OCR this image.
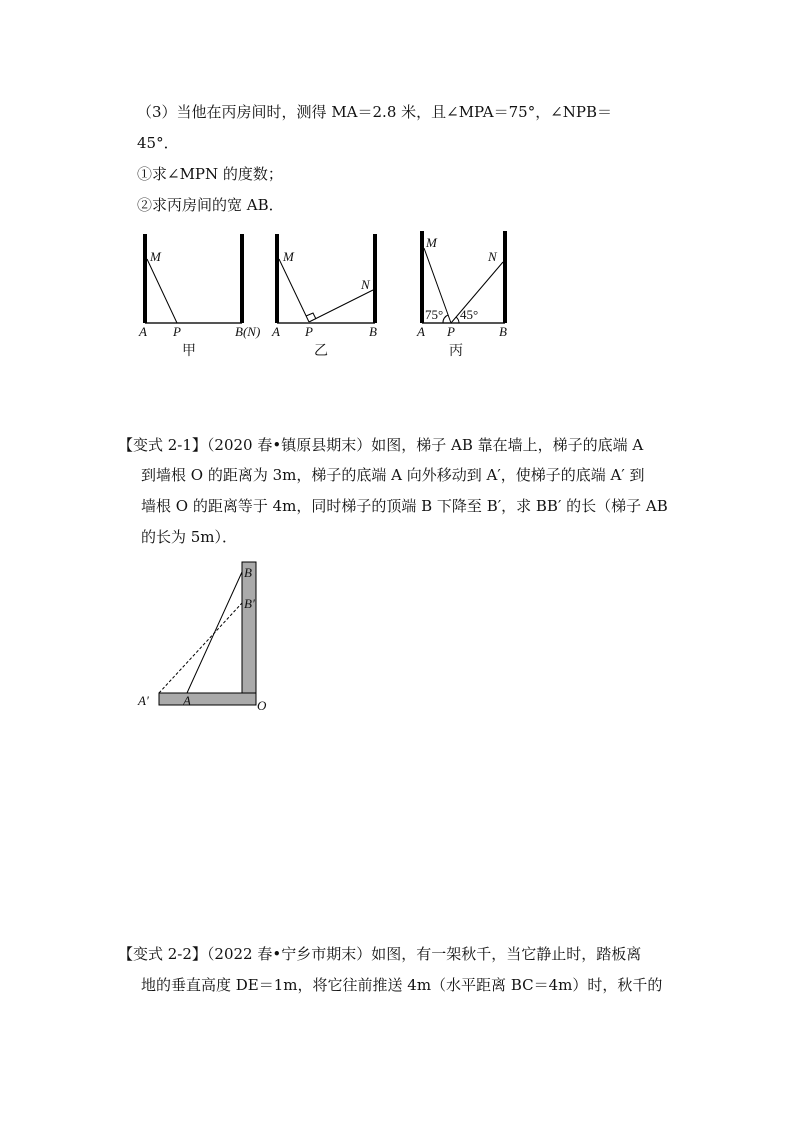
（3）当他在丙房间时，测得 MA＝2.8 米，且∠MPA＝75°，∠NPB＝
45°．
①求∠MPN 的度数；
②求丙房间的宽 AB．
M
A P	B(N)
甲
M
N
A P	B
乙
M
N
75° 45°
A P	B
丙
B
B′
A′	A	O
【变式 2-1】（2020 春•镇原县期末）如图，梯子 AB 靠在墙上，梯子的底端 A
到墙根 O 的距离为 3m，梯子的底端 A 向外移动到 A′，使梯子的底端 A′ 到
墙根 O 的距离等于 4m，同时梯子的顶端 B 下降至 B′，求 BB′ 的长（梯子 AB
的长为 5m）．
【变式 2-2】（2022 春•宁乡市期末）如图，有一架秋千，当它静止时，踏板离
地的垂直高度 DE＝1m，将它往前推送 4m（水平距离 BC＝4m）时，秋千的
